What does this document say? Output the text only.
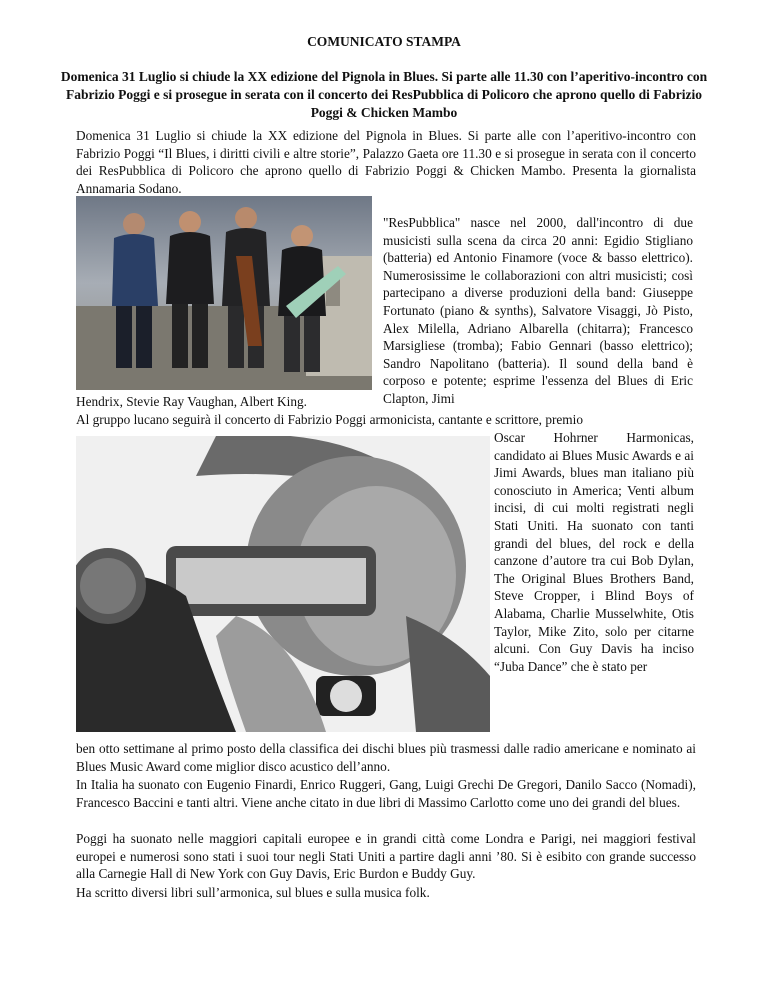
COMUNICATO STAMPA
Domenica 31 Luglio si chiude la XX edizione del Pignola in Blues. Si parte alle 11.30 con l’aperitivo-incontro con Fabrizio Poggi e si prosegue in serata con il concerto dei ResPubblica di Policoro che aprono quello di Fabrizio Poggi & Chicken Mambo
Domenica 31 Luglio si chiude la XX edizione del Pignola in Blues. Si parte alle con l’aperitivo-incontro con Fabrizio Poggi “Il Blues, i diritti civili e altre storie”, Palazzo Gaeta ore 11.30 e si prosegue in serata con il concerto dei ResPubblica di Policoro che aprono quello di Fabrizio Poggi & Chicken Mambo. Presenta la giornalista Annamaria Sodano.
"ResPubblica" nasce nel 2000, dall'incontro di due musicisti sulla scena da circa 20 anni: Egidio Stigliano (batteria) ed Antonio Finamore (voce & basso elettrico). Numerosissime le collaborazioni con altri musicisti; così partecipano a diverse produzioni della band: Giuseppe Fortunato (piano & synths), Salvatore Visaggi, Jò Pisto, Alex Milella, Adriano Albarella (chitarra); Francesco Marsigliese (tromba); Fabio Gennari (basso elettrico); Sandro Napolitano (batteria). Il sound della band è corposo e potente; esprime l'essenza del Blues di Eric Clapton, Jimi
Hendrix, Stevie Ray Vaughan, Albert King.
Al gruppo lucano seguirà il concerto di Fabrizio Poggi armonicista, cantante e scrittore, premio
Oscar Hohrner Harmonicas, candidato ai Blues Music Awards e ai Jimi Awards, blues man italiano più conosciuto in America; Venti album incisi, di cui molti registrati negli Stati Uniti. Ha suonato con tanti grandi del blues, del rock e della canzone d’autore tra cui Bob Dylan, The Original Blues Brothers Band, Steve Cropper, i Blind Boys of Alabama, Charlie Musselwhite, Otis Taylor, Mike Zito, solo per citarne alcuni. Con Guy Davis ha inciso “Juba Dance” che è stato per
ben otto settimane al primo posto della classifica dei dischi blues più trasmessi dalle radio americane e nominato ai Blues Music Award come miglior disco acustico dell’anno.
In Italia ha suonato con Eugenio Finardi, Enrico Ruggeri, Gang, Luigi Grechi De Gregori, Danilo Sacco (Nomadi), Francesco Baccini e tanti altri. Viene anche citato in due libri di Massimo Carlotto come uno dei grandi del blues.
Poggi ha suonato nelle maggiori capitali europee e in grandi città come Londra e Parigi, nei maggiori festival europei e numerosi sono stati i suoi tour negli Stati Uniti a partire dagli anni ’80. Si è esibito con grande successo alla Carnegie Hall di New York con Guy Davis, Eric Burdon e Buddy Guy.
Ha scritto diversi libri sull’armonica, sul blues e sulla musica folk.
